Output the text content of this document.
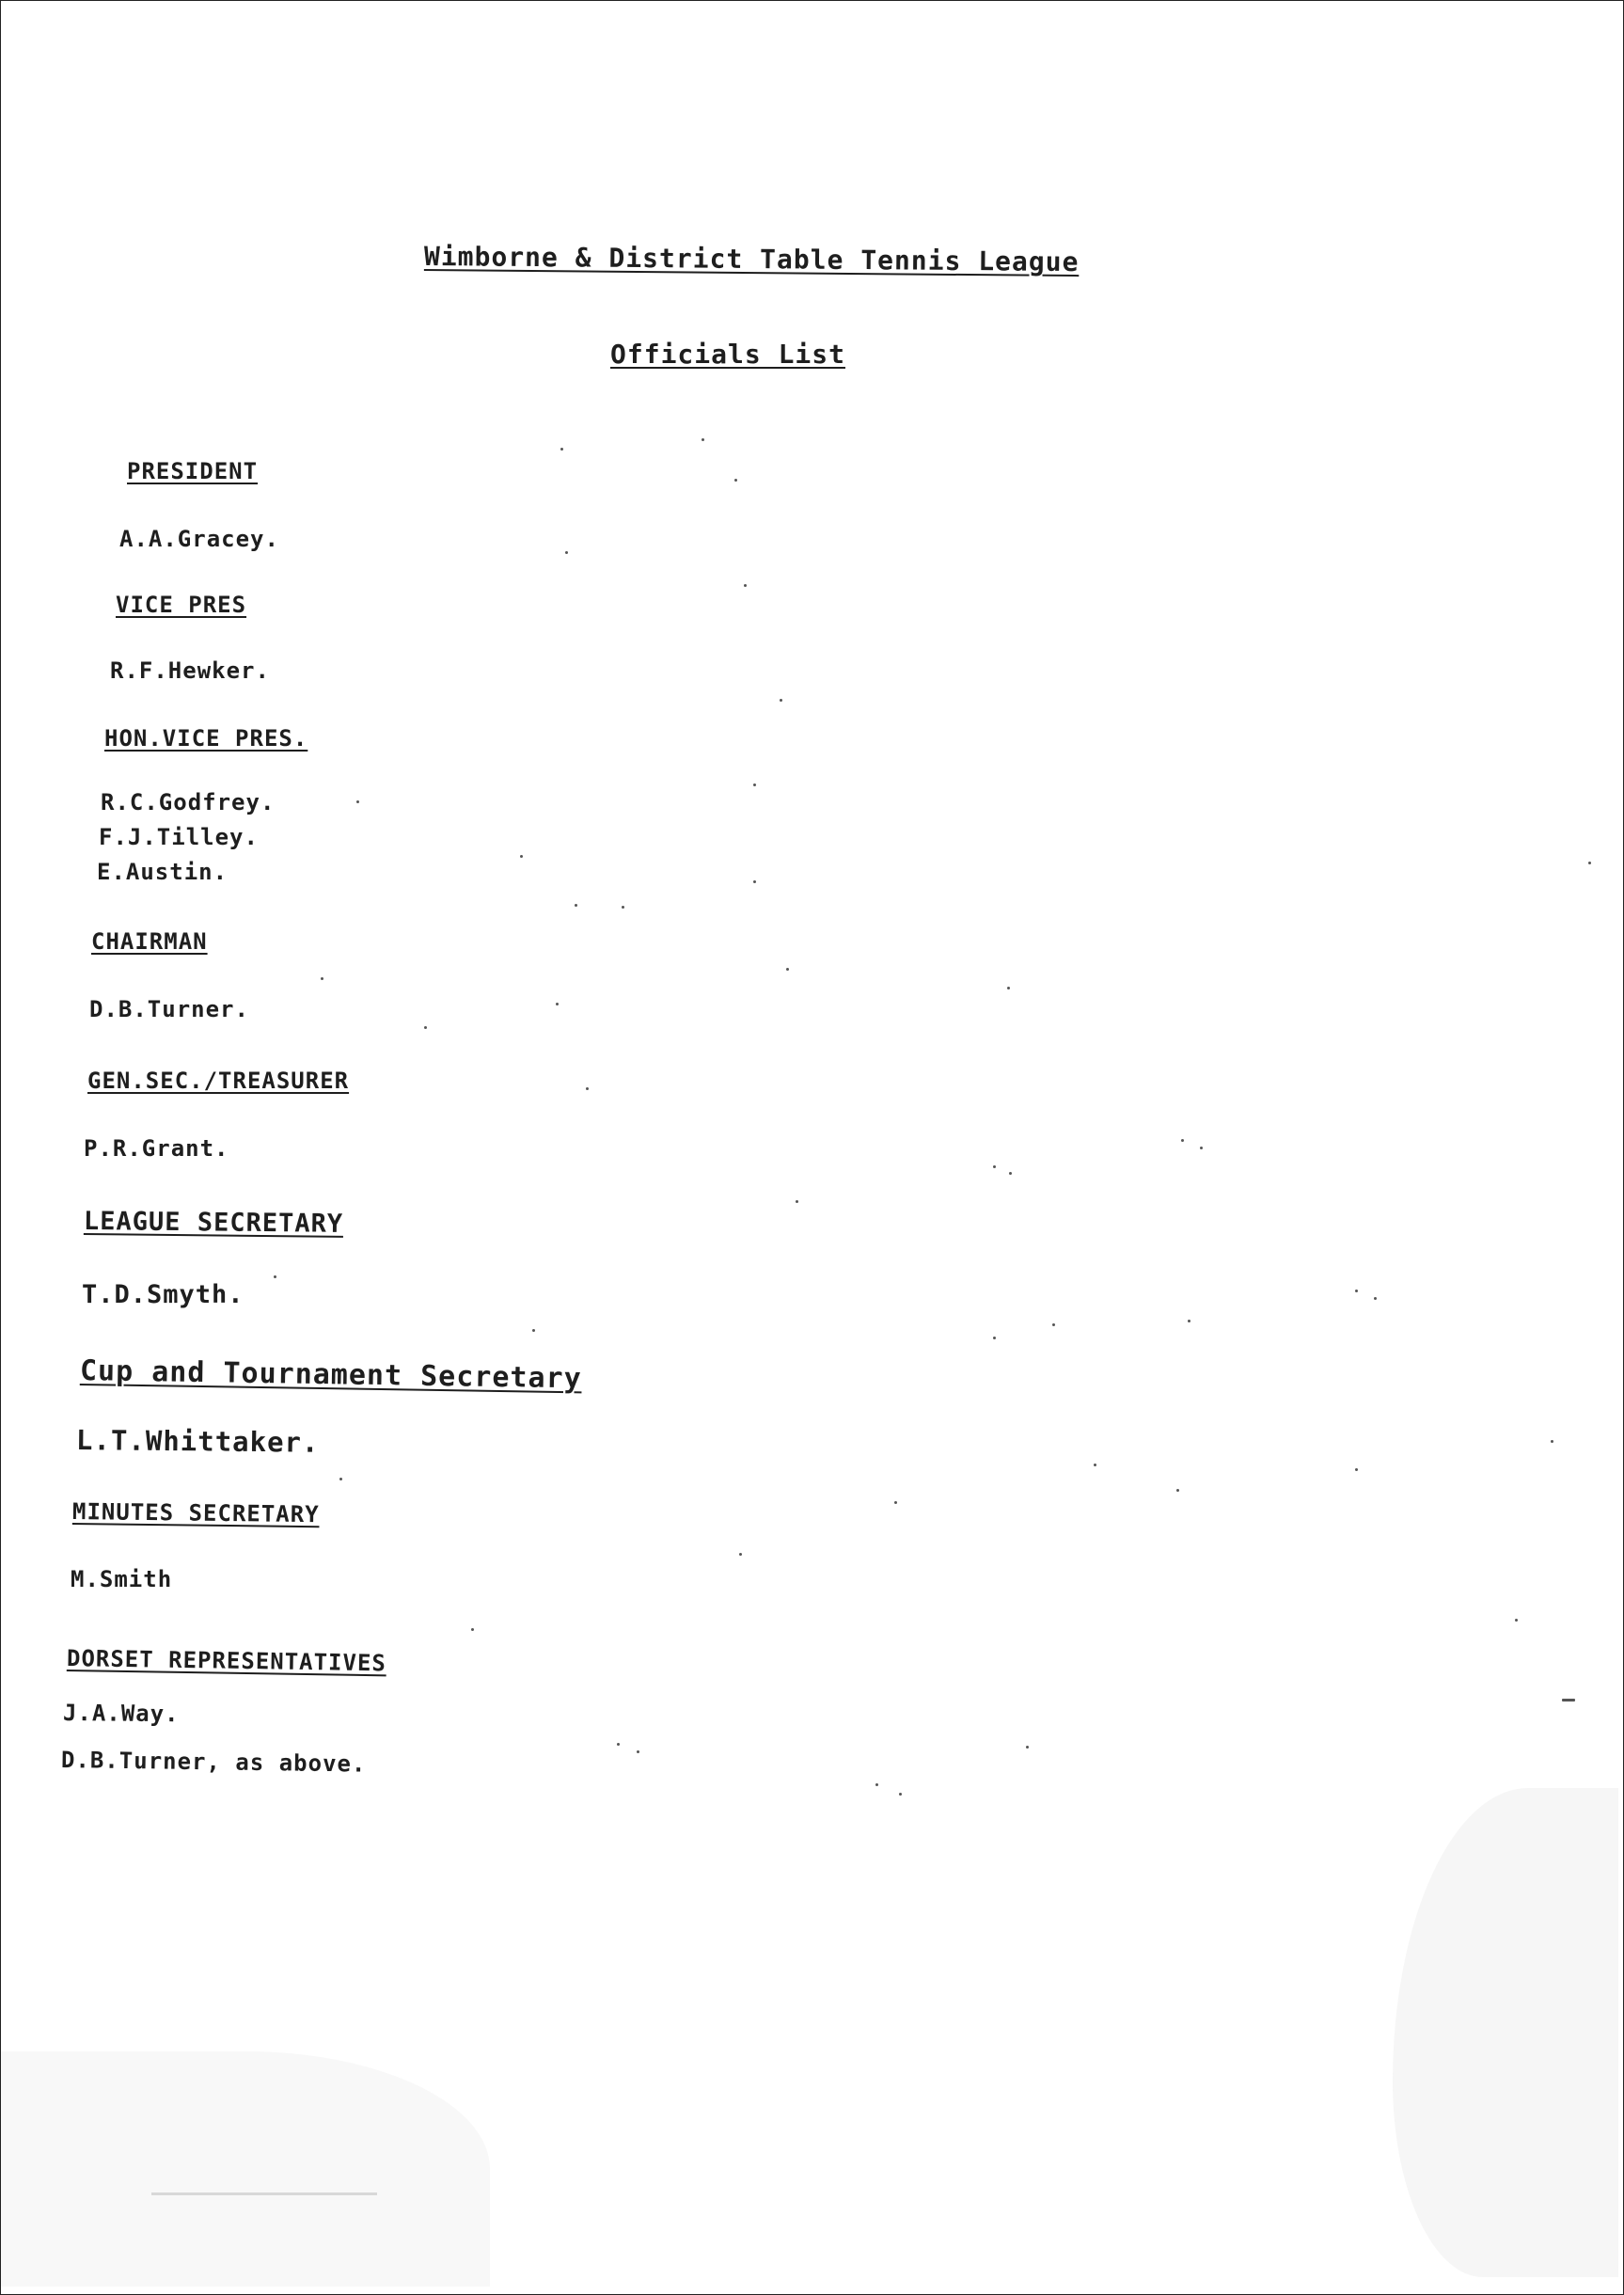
Wimborne & District Table Tennis League
Officials List
PRESIDENT
A.A.Gracey.
VICE PRES
R.F.Hewker.
HON.VICE PRES.
R.C.Godfrey.
F.J.Tilley.
E.Austin.
CHAIRMAN
D.B.Turner.
GEN.SEC./TREASURER
P.R.Grant.
LEAGUE SECRETARY
T.D.Smyth.
Cup and Tournament Secretary
L.T.Whittaker.
MINUTES SECRETARY
M.Smith
DORSET REPRESENTATIVES
J.A.Way.
D.B.Turner, as above.
